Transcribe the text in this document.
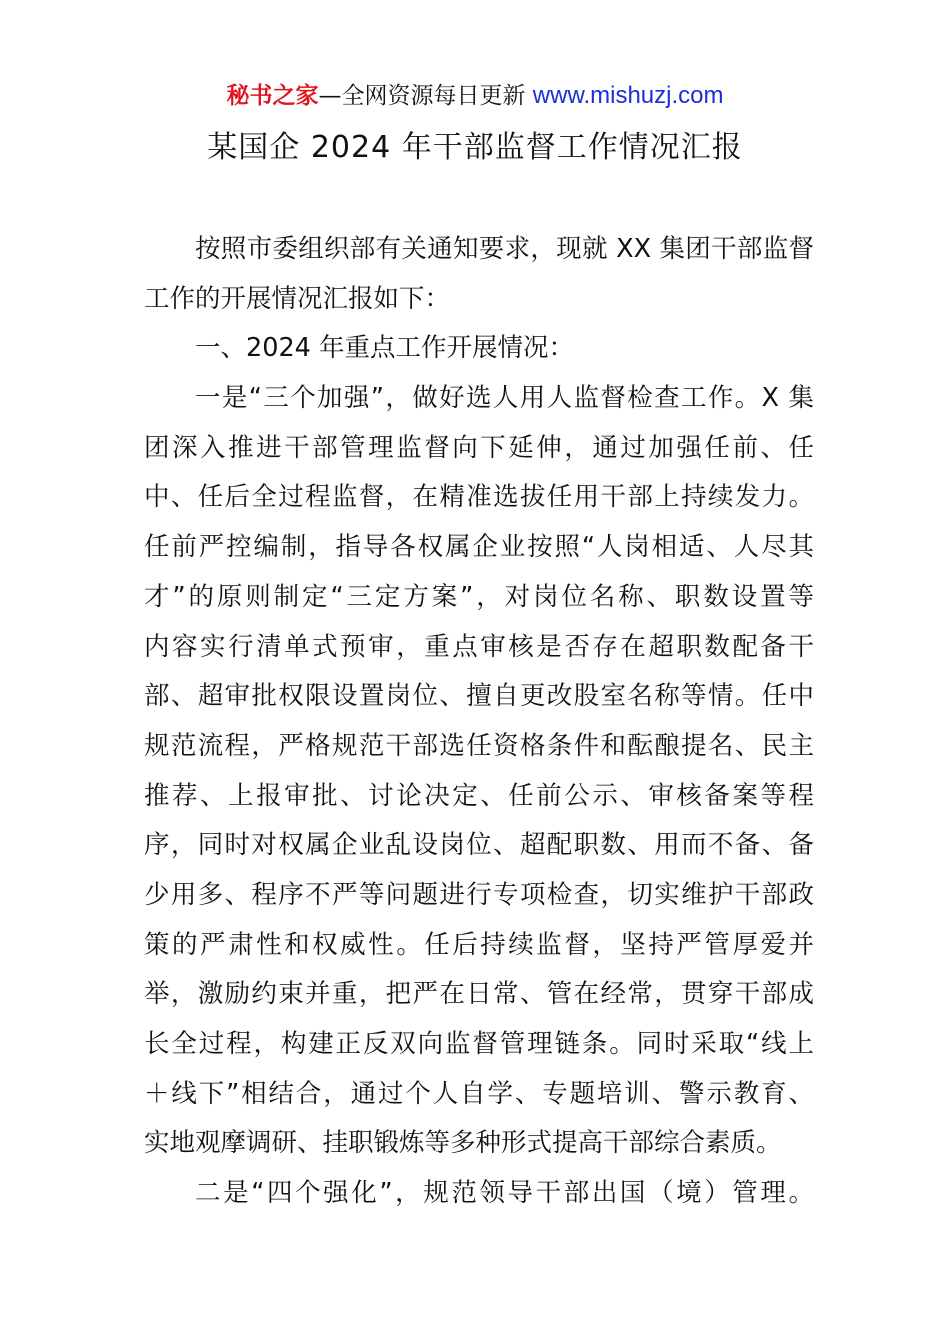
秘书之家—全网资源每日更新 www.mishuzj.com
某国企 2024 年干部监督工作情况汇报
按照市委组织部有关通知要求，现就 XX 集团干部监督
工作的开展情况汇报如下：
一、2024 年重点工作开展情况：
一是“三个加强”，做好选人用人监督检查工作。X 集
团深入推进干部管理监督向下延伸，通过加强任前、任
中、任后全过程监督，在精准选拔任用干部上持续发力。
任前严控编制，指导各权属企业按照“人岗相适、人尽其
才”的原则制定“三定方案”，对岗位名称、职数设置等
内容实行清单式预审，重点审核是否存在超职数配备干
部、超审批权限设置岗位、擅自更改股室名称等情。任中
规范流程，严格规范干部选任资格条件和酝酿提名、民主
推荐、上报审批、讨论决定、任前公示、审核备案等程
序，同时对权属企业乱设岗位、超配职数、用而不备、备
少用多、程序不严等问题进行专项检查，切实维护干部政
策的严肃性和权威性。任后持续监督，坚持严管厚爱并
举，激励约束并重，把严在日常、管在经常，贯穿干部成
长全过程，构建正反双向监督管理链条。同时采取“线上
＋线下”相结合，通过个人自学、专题培训、警示教育、
实地观摩调研、挂职锻炼等多种形式提高干部综合素质。
二是“四个强化”，规范领导干部出国（境）管理。
